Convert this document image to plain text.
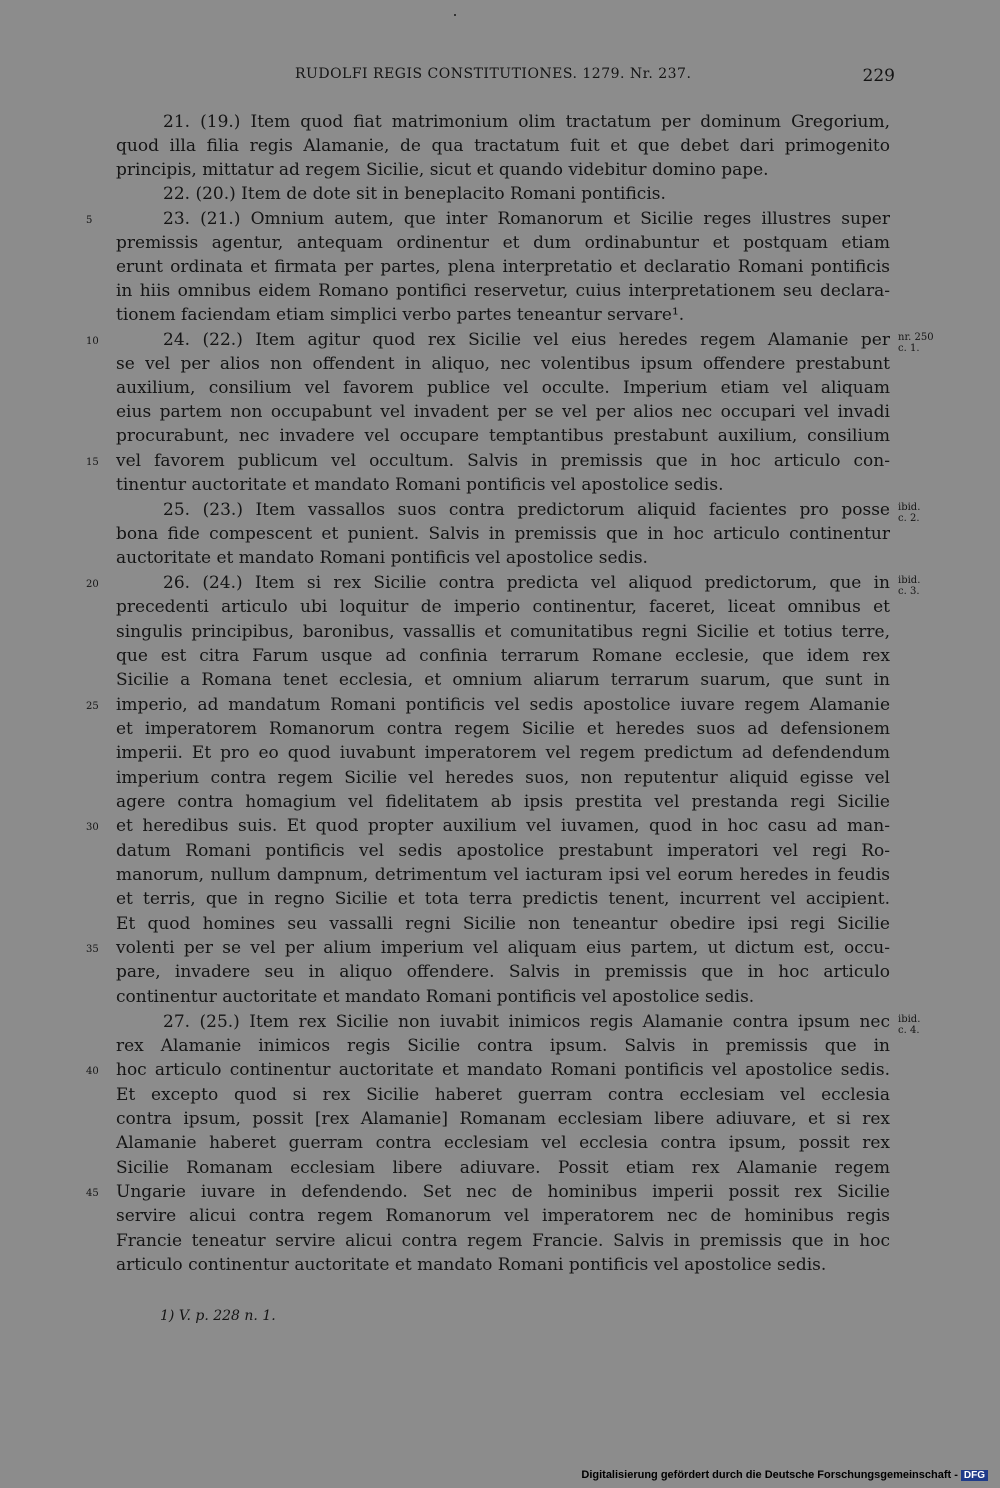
RUDOLFI REGIS CONSTITUTIONES. 1279. Nr. 237.	229
21. (19.) Item quod fiat matrimonium olim tractatum per dominum Gregorium,
quod illa filia regis Alamanie, de qua tractatum fuit et que debet dari primogenito
principis, mittatur ad regem Sicilie, sicut et quando videbitur domino pape.
22. (20.) Item de dote sit in beneplacito Romani pontificis.
23. (21.) Omnium autem, que inter Romanorum et Sicilie reges illustres super
premissis agentur, antequam ordinentur et dum ordinabuntur et postquam etiam
erunt ordinata et firmata per partes, plena interpretatio et declaratio Romani pontificis
in hiis omnibus eidem Romano pontifici reservetur, cuius interpretationem seu declara-
tionem faciendam etiam simplici verbo partes teneantur servare¹.
24. (22.) Item agitur quod rex Sicilie vel eius heredes regem Alamanie per
se vel per alios non offendent in aliquo, nec volentibus ipsum offendere prestabunt
auxilium, consilium vel favorem publice vel occulte. Imperium etiam vel aliquam
eius partem non occupabunt vel invadent per se vel per alios nec occupari vel invadi
procurabunt, nec invadere vel occupare temptantibus prestabunt auxilium, consilium
vel favorem publicum vel occultum. Salvis in premissis que in hoc articulo con-
tinentur auctoritate et mandato Romani pontificis vel apostolice sedis.
25. (23.) Item vassallos suos contra predictorum aliquid facientes pro posse
bona fide compescent et punient. Salvis in premissis que in hoc articulo continentur
auctoritate et mandato Romani pontificis vel apostolice sedis.
26. (24.) Item si rex Sicilie contra predicta vel aliquod predictorum, que in
precedenti articulo ubi loquitur de imperio continentur, faceret, liceat omnibus et
singulis principibus, baronibus, vassallis et comunitatibus regni Sicilie et totius terre,
que est citra Farum usque ad confinia terrarum Romane ecclesie, que idem rex
Sicilie a Romana tenet ecclesia, et omnium aliarum terrarum suarum, que sunt in
imperio, ad mandatum Romani pontificis vel sedis apostolice iuvare regem Alamanie
et imperatorem Romanorum contra regem Sicilie et heredes suos ad defensionem
imperii. Et pro eo quod iuvabunt imperatorem vel regem predictum ad defendendum
imperium contra regem Sicilie vel heredes suos, non reputentur aliquid egisse vel
agere contra homagium vel fidelitatem ab ipsis prestita vel prestanda regi Sicilie
et heredibus suis. Et quod propter auxilium vel iuvamen, quod in hoc casu ad man-
datum Romani pontificis vel sedis apostolice prestabunt imperatori vel regi Ro-
manorum, nullum dampnum, detrimentum vel iacturam ipsi vel eorum heredes in feudis
et terris, que in regno Sicilie et tota terra predictis tenent, incurrent vel accipient.
Et quod homines seu vassalli regni Sicilie non teneantur obedire ipsi regi Sicilie
volenti per se vel per alium imperium vel aliquam eius partem, ut dictum est, occu-
pare, invadere seu in aliquo offendere. Salvis in premissis que in hoc articulo
continentur auctoritate et mandato Romani pontificis vel apostolice sedis.
27. (25.) Item rex Sicilie non iuvabit inimicos regis Alamanie contra ipsum nec
rex Alamanie inimicos regis Sicilie contra ipsum. Salvis in premissis que in
hoc articulo continentur auctoritate et mandato Romani pontificis vel apostolice sedis.
Et excepto quod si rex Sicilie haberet guerram contra ecclesiam vel ecclesia
contra ipsum, possit [rex Alamanie] Romanam ecclesiam libere adiuvare, et si rex
Alamanie haberet guerram contra ecclesiam vel ecclesia contra ipsum, possit rex
Sicilie Romanam ecclesiam libere adiuvare. Possit etiam rex Alamanie regem
Ungarie iuvare in defendendo. Set nec de hominibus imperii possit rex Sicilie
servire alicui contra regem Romanorum vel imperatorem nec de hominibus regis
Francie teneatur servire alicui contra regem Francie. Salvis in premissis que in hoc
articulo continentur auctoritate et mandato Romani pontificis vel apostolice sedis.
5
10
15
20
25
30
35
40
45
nr. 250
c. 1.
ibid.
c. 2.
ibid.
c. 3.
ibid.
c. 4.
1) V. p. 228 n. 1.
Digitalisierung gefördert durch die Deutsche Forschungsgemeinschaft - DFG
